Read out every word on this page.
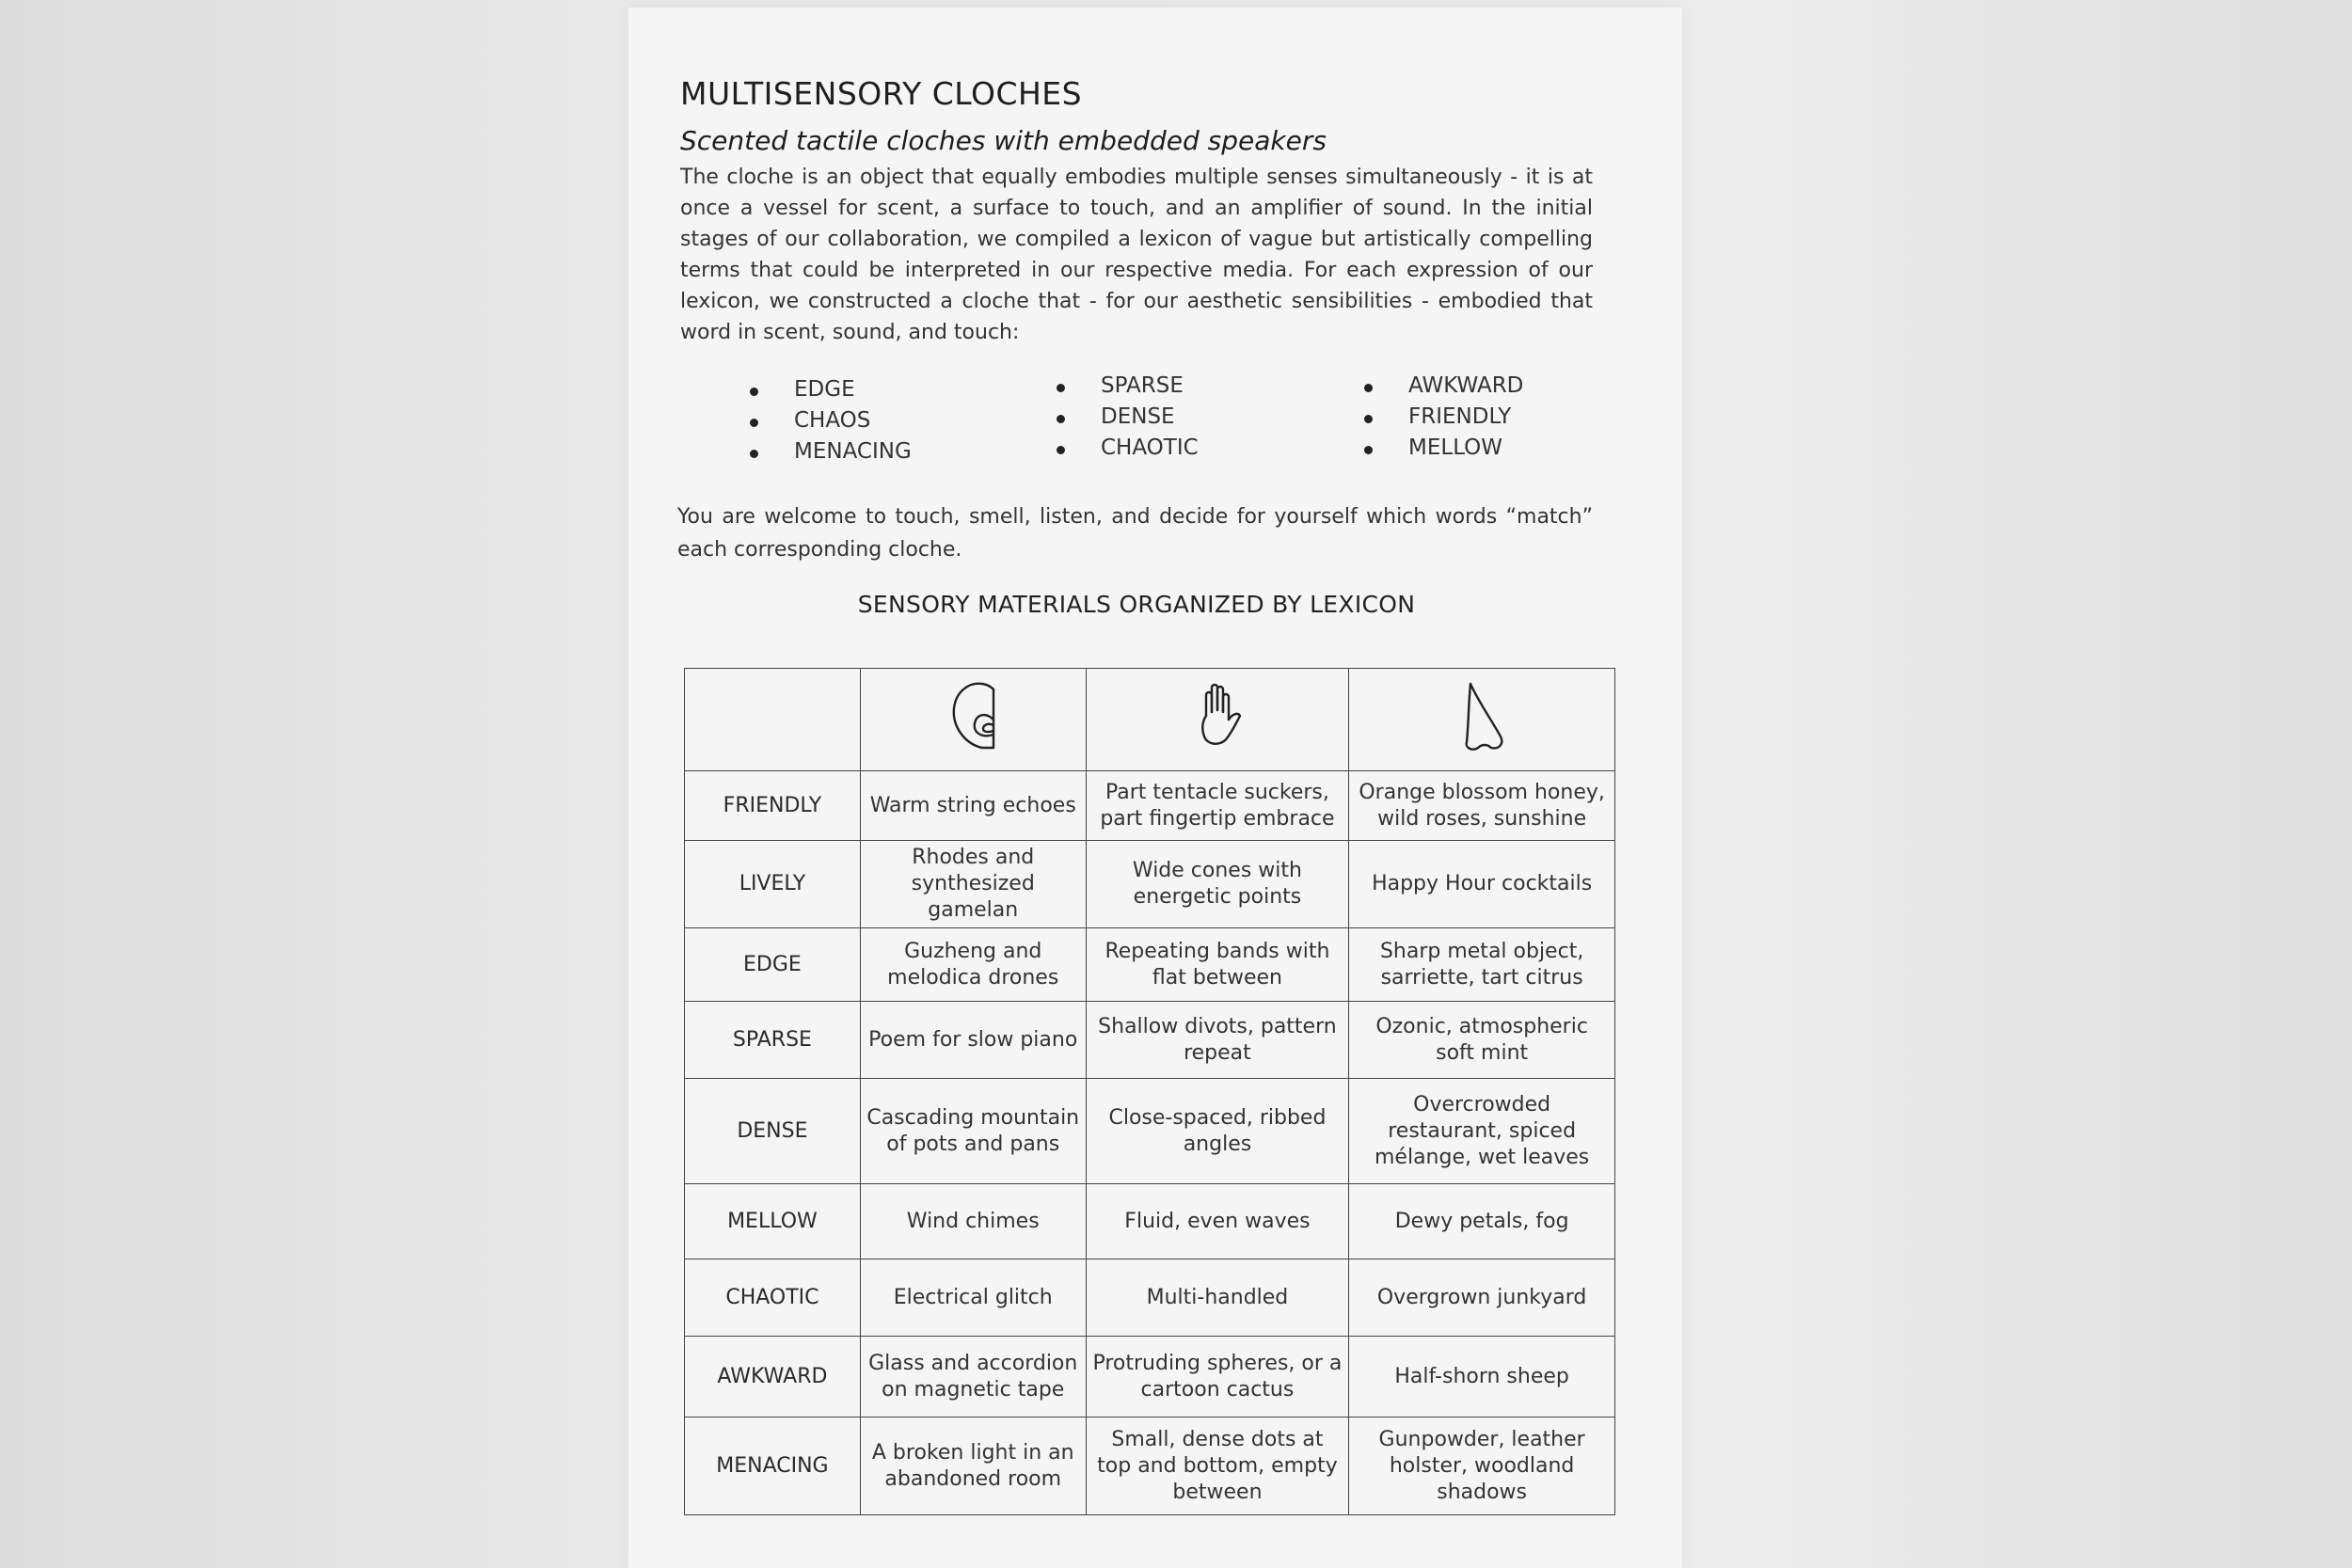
MULTISENSORY CLOCHES
Scented tactile cloches with embedded speakers

The cloche is an object that equally embodies multiple senses simultaneously - it is at once a vessel for scent, a surface to touch, and an amplifier of sound. In the initial stages of our collaboration, we compiled a lexicon of vague but artistically compelling terms that could be interpreted in our respective media. For each expression of our lexicon, we constructed a cloche that - for our aesthetic sensibilities - embodied that word in scent, sound, and touch:

EDGE
CHAOS
MENACING
SPARSE
DENSE
CHAOTIC
AWKWARD
FRIENDLY
MELLOW

You are welcome to touch, smell, listen, and decide for yourself which words “match” each corresponding cloche.

SENSORY MATERIALS ORGANIZED BY LEXICON

FRIENDLY	Warm string echoes	Part tentacle suckers, part fingertip embrace	Orange blossom honey, wild roses, sunshine
LIVELY	Rhodes and synthesized gamelan	Wide cones with energetic points	Happy Hour cocktails
EDGE	Guzheng and melodica drones	Repeating bands with flat between	Sharp metal object, sarriette, tart citrus
SPARSE	Poem for slow piano	Shallow divots, pattern repeat	Ozonic, atmospheric soft mint
DENSE	Cascading mountain of pots and pans	Close-spaced, ribbed angles	Overcrowded restaurant, spiced mélange, wet leaves
MELLOW	Wind chimes	Fluid, even waves	Dewy petals, fog
CHAOTIC	Electrical glitch	Multi-handled	Overgrown junkyard
AWKWARD	Glass and accordion on magnetic tape	Protruding spheres, or a cartoon cactus	Half-shorn sheep
MENACING	A broken light in an abandoned room	Small, dense dots at top and bottom, empty between	Gunpowder, leather holster, woodland shadows
